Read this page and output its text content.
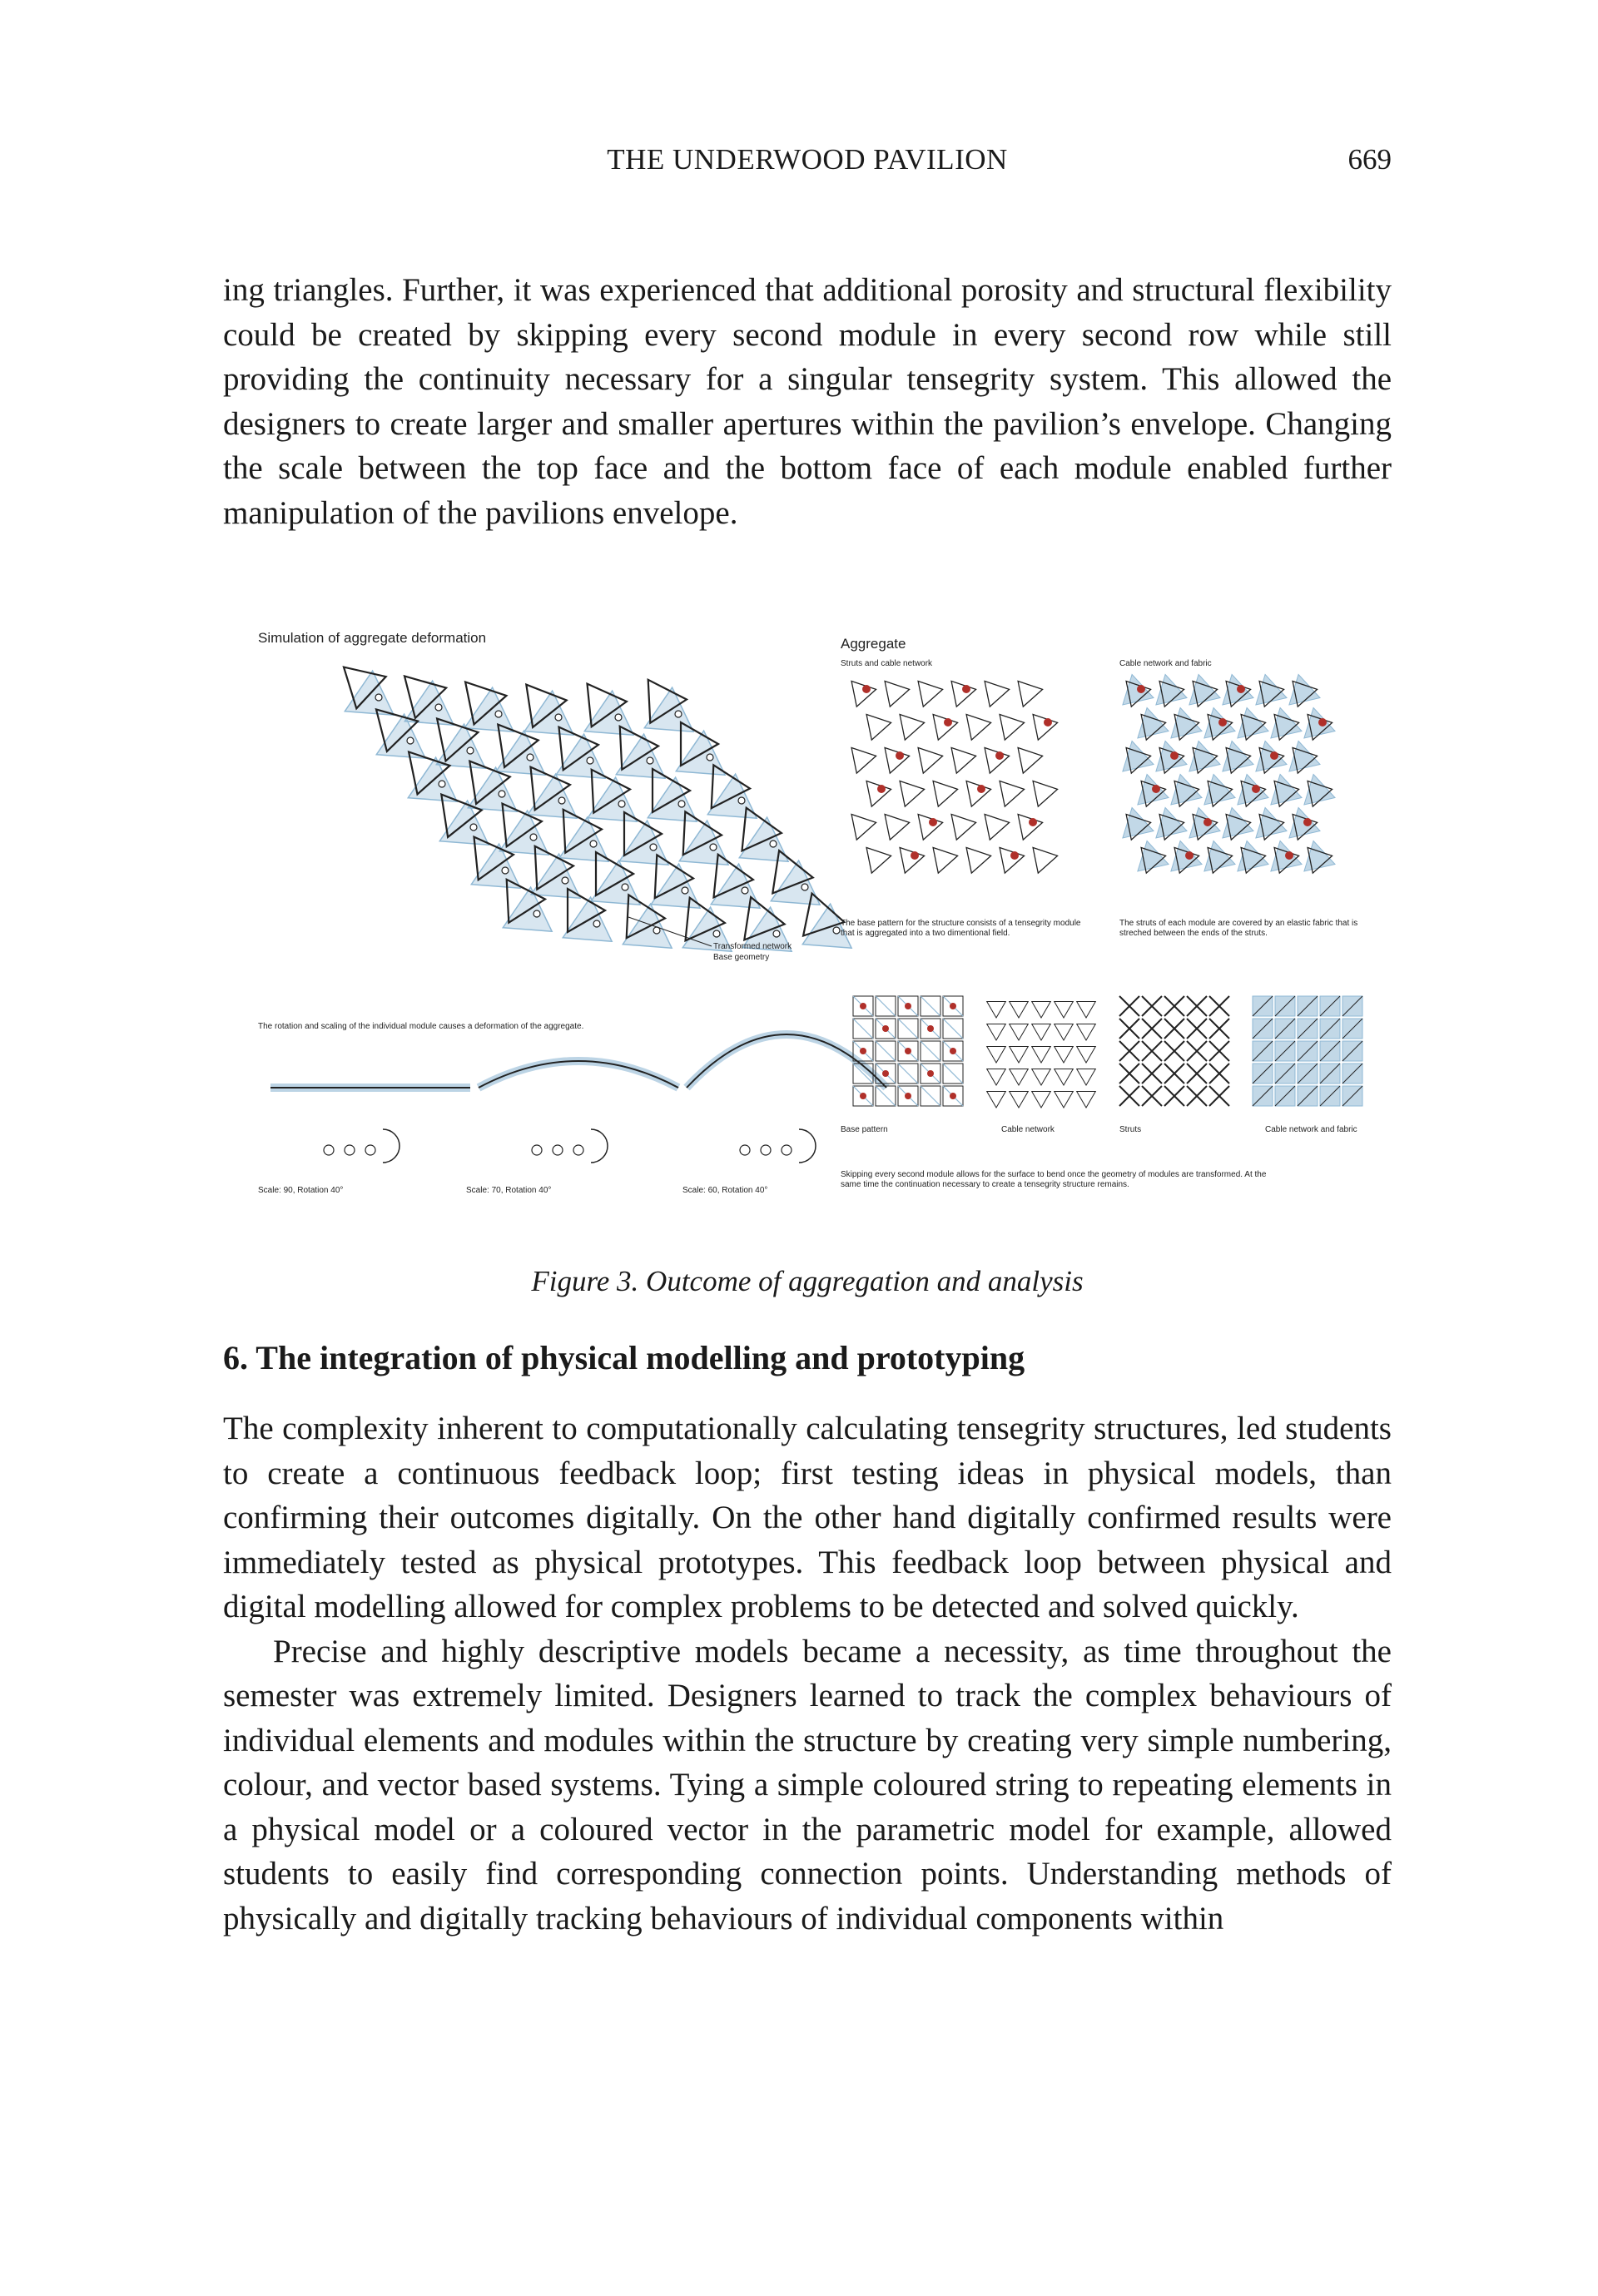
THE UNDERWOOD PAVILION	669

ing triangles. Further, it was experienced that additional porosity and structural flexibility could be created by skipping every second module in every second row while still providing the continuity necessary for a singular tensegrity system. This allowed the designers to create larger and smaller apertures within the pavilion’s envelope. Changing the scale between the top face and the bottom face of each module enabled further manipulation of the pavilions envelope.

Simulation of aggregate deformation
Transformed network
Base geometry
The rotation and scaling of the individual module causes a deformation of the aggregate.
Scale: 90, Rotation 40°	Scale: 70, Rotation 40°	Scale: 60, Rotation 40°
Aggregate
Struts and cable network	Cable network and fabric
The base pattern for the structure consists of a tensegrity module that is aggregated into a two dimentional field.
The struts of each module are covered by an elastic fabric that is streched between the ends of the struts.
Base pattern	Cable network	Struts	Cable network and fabric
Skipping every second module allows for the surface to bend once the geometry of modules are transformed. At the same time the continuation necessary to create a tensegrity structure remains.
Figure 3. Outcome of aggregation and analysis
6. The integration of physical modelling and prototyping

The complexity inherent to computationally calculating tensegrity structures, led students to create a continuous feedback loop; first testing ideas in physical models, than confirming their outcomes digitally. On the other hand digitally confirmed results were immediately tested as physical prototypes. This feedback loop between physical and digital modelling allowed for complex problems to be detected and solved quickly.

Precise and highly descriptive models became a necessity, as time throughout the semester was extremely limited. Designers learned to track the complex behaviours of individual elements and modules within the structure by creating very simple numbering, colour, and vector based systems. Tying a simple coloured string to repeating elements in a physical model or a coloured vector in the parametric model for example, allowed students to easily find corresponding connection points. Understanding methods of physically and digitally tracking behaviours of individual components within
